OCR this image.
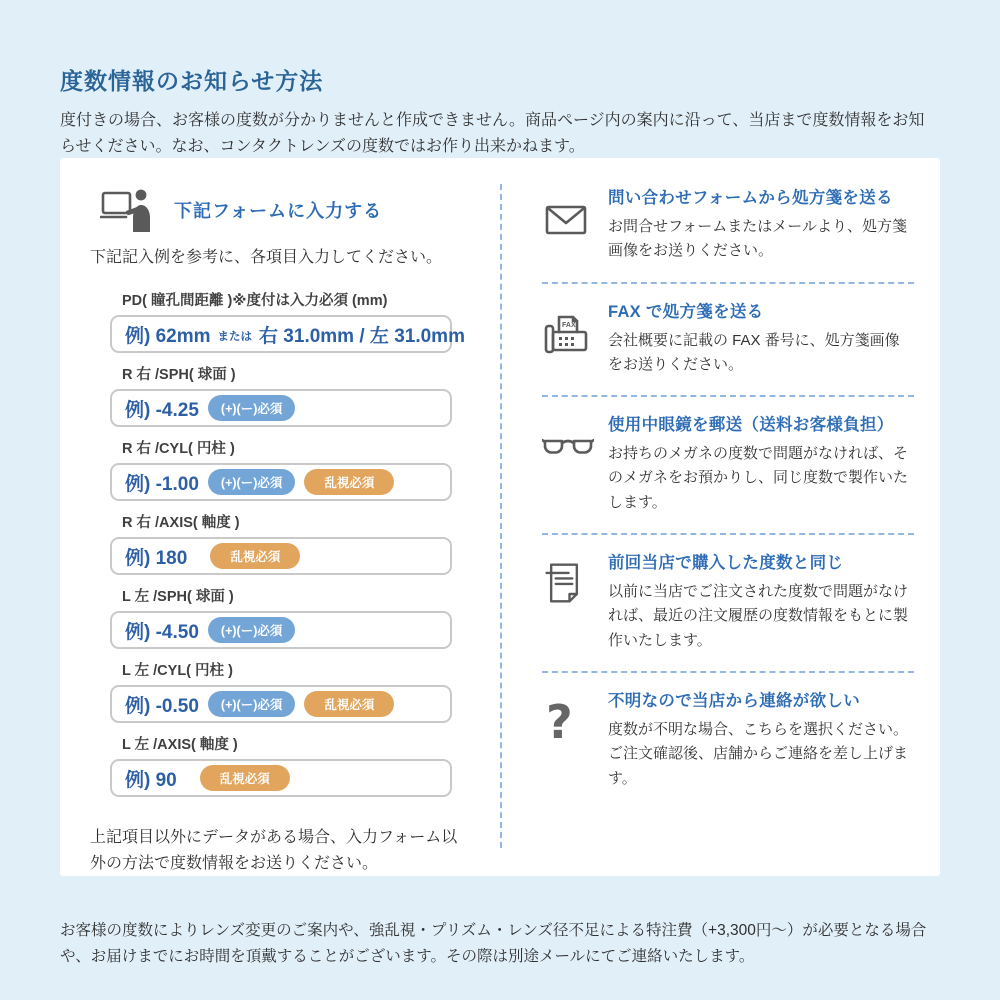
度数情報のお知らせ方法

度付きの場合、お客様の度数が分かりませんと作成できません。商品ページ内の案内に沿って、当店まで度数情報をお知らせください。なお、コンタクトレンズの度数ではお作り出来かねます。

下記フォームに入力する

下記記入例を参考に、各項目入力してください。

PD( 瞳孔間距離 )※度付は入力必須 (mm)
例) 62mm または 右 31.0mm / 左 31.0mm
R 右 /SPH( 球面 )
例) -4.25	(+)(ー)必須
R 右 /CYL( 円柱 )
例) -1.00	(+)(ー)必須	乱視必須
R 右 /AXIS( 軸度 )
例) 180	乱視必須
L 左 /SPH( 球面 )
例) -4.50	(+)(ー)必須
L 左 /CYL( 円柱 )
例) -0.50	(+)(ー)必須	乱視必須
L 左 /AXIS( 軸度 )
例) 90	乱視必須

上記項目以外にデータがある場合、入力フォーム以外の方法で度数情報をお送りください。

問い合わせフォームから処方箋を送る
お問合せフォームまたはメールより、処方箋画像をお送りください。
FAX
FAX で処方箋を送る
会社概要に記載の FAX 番号に、処方箋画像をお送りください。
使用中眼鏡を郵送（送料お客様負担）
お持ちのメガネの度数で問題がなければ、そのメガネをお預かりし、同じ度数で製作いたします。
前回当店で購入した度数と同じ
以前に当店でご注文された度数で問題がなければ、最近の注文履歴の度数情報をもとに製作いたします。
?	不明なので当店から連絡が欲しい
度数が不明な場合、こちらを選択ください。ご注文確認後、店舗からご連絡を差し上げます。

お客様の度数によりレンズ変更のご案内や、強乱視・プリズム・レンズ径不足による特注費（+3,300円～）が必要となる場合や、お届けまでにお時間を頂戴することがございます。その際は別途メールにてご連絡いたします。
